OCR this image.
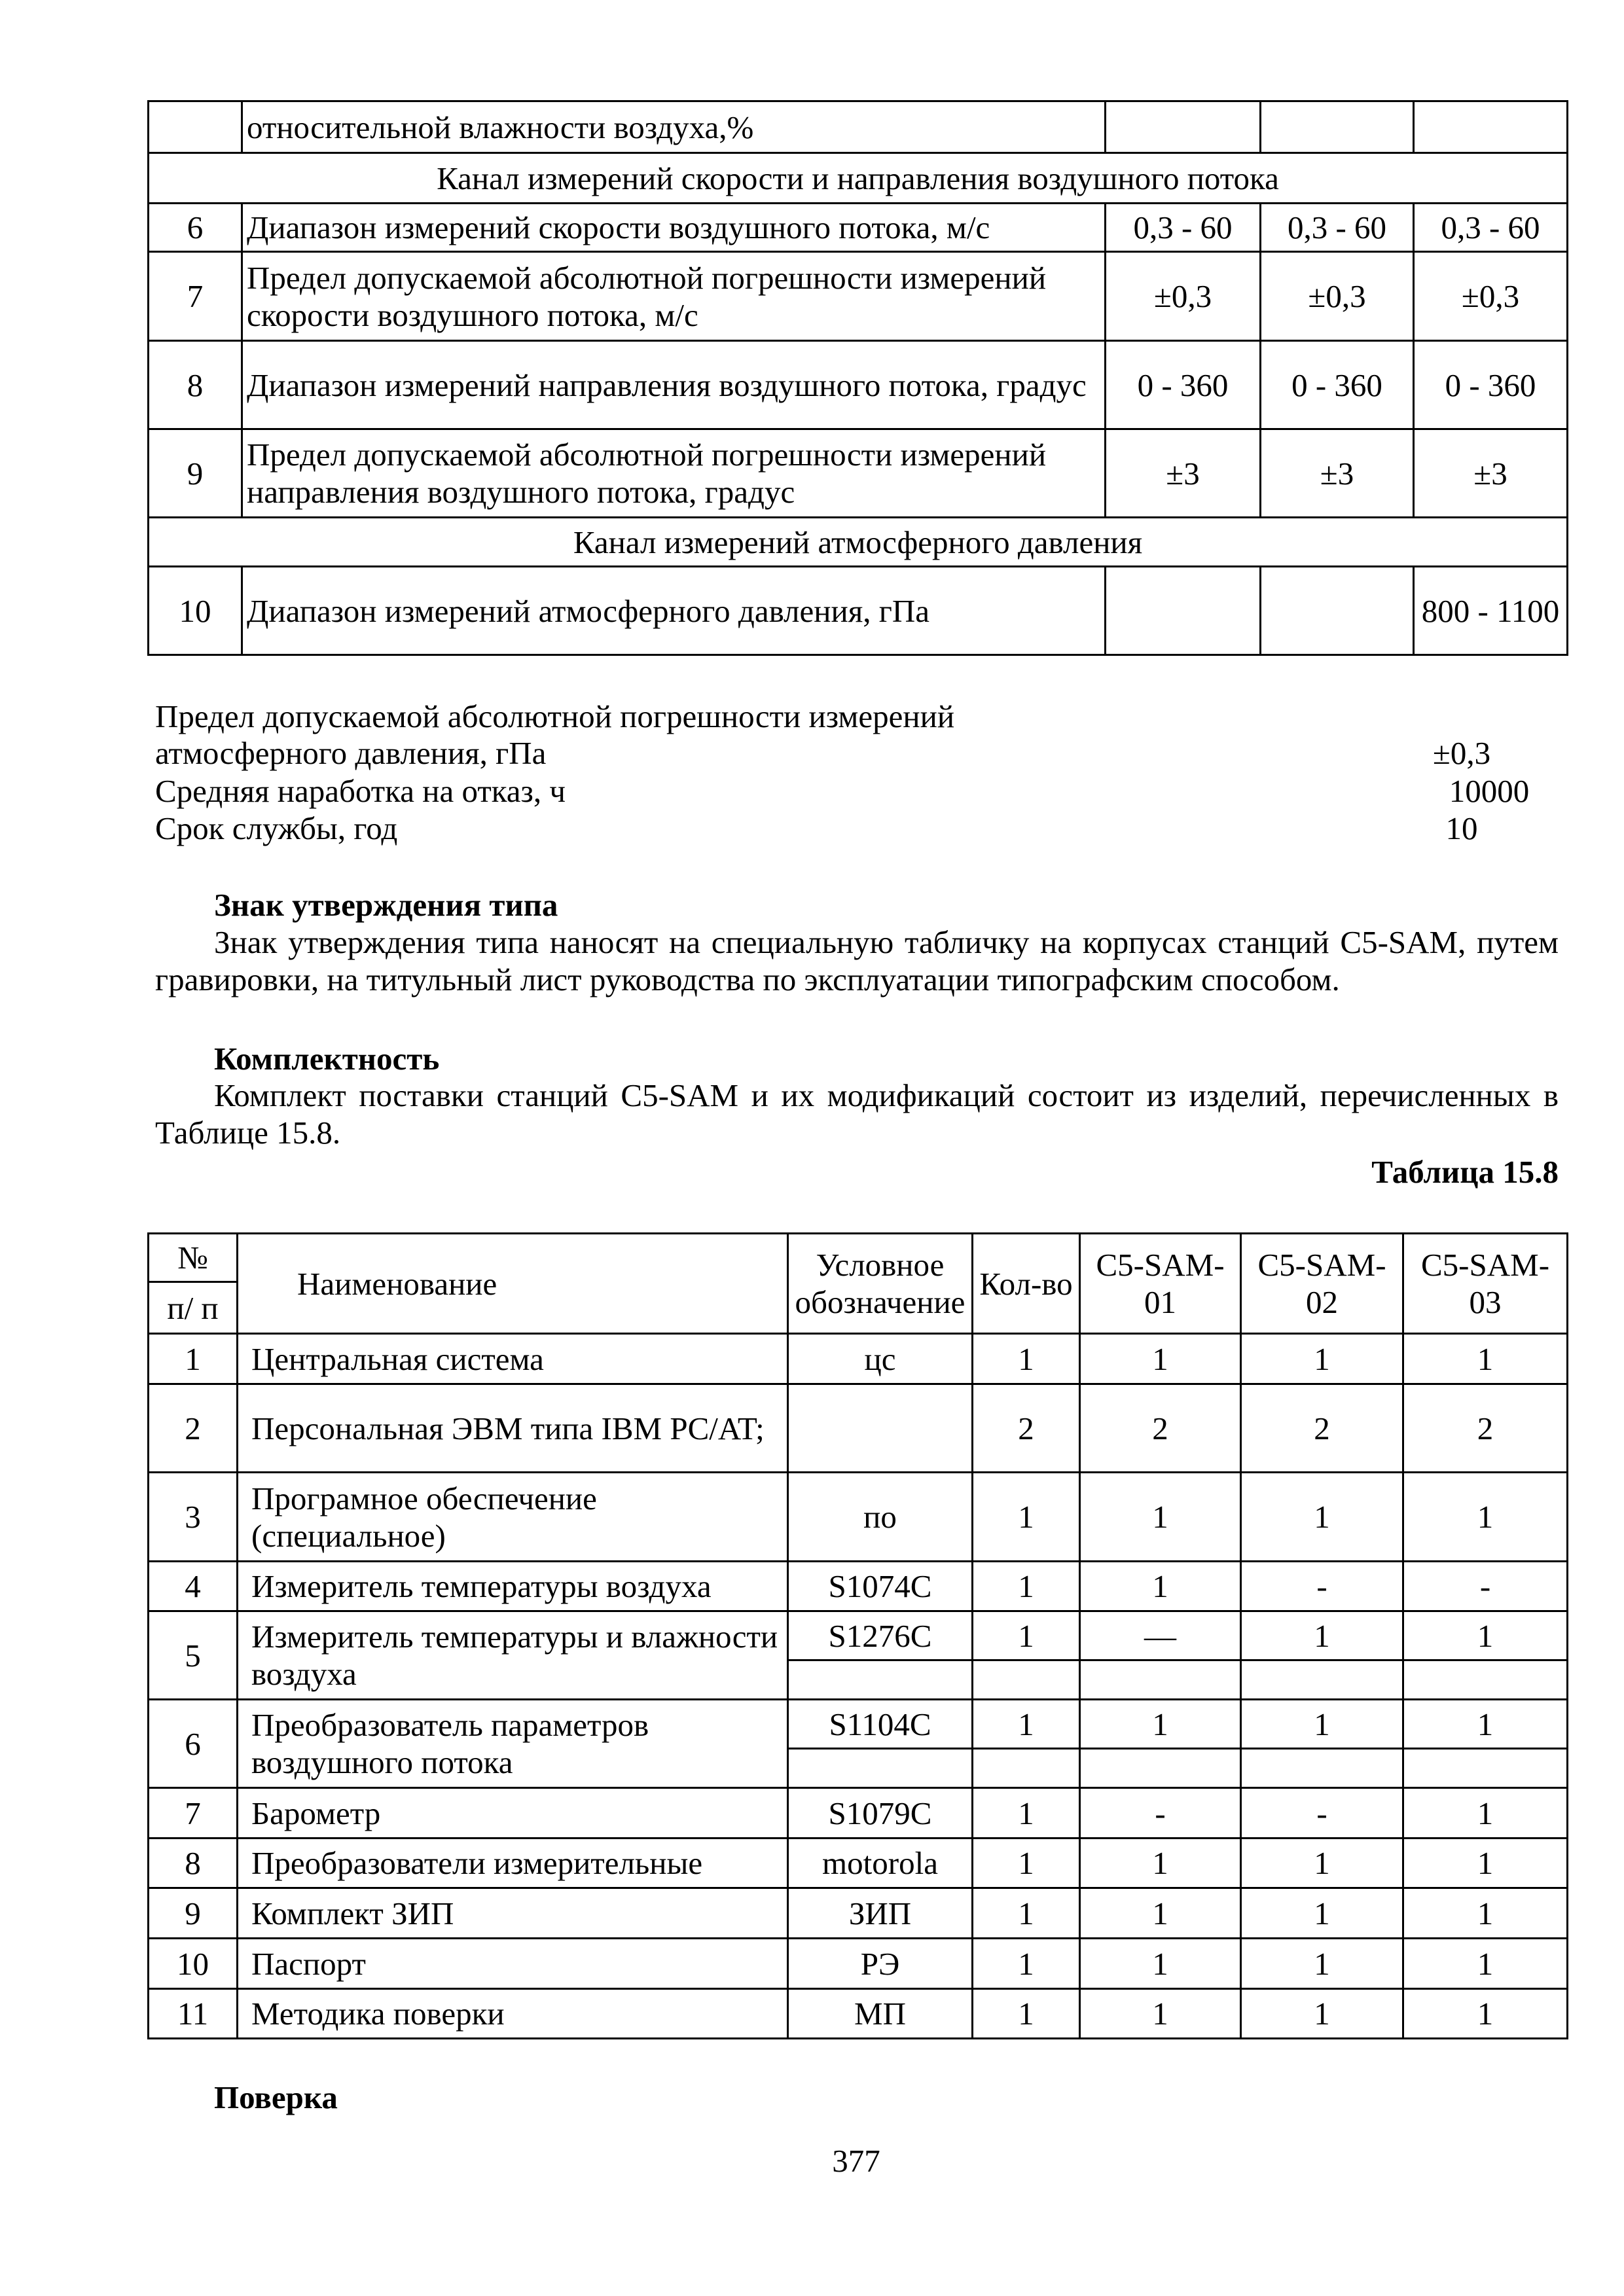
	относительной влажности воздуха,%			
Канал измерений скорости и направления воздушного потока				
6	Диапазон измерений скорости воздушного потока, м/с	0,3 - 60	0,3 - 60	0,3 - 60
7	Предел допускаемой абсолютной погрешности измерений скорости воздушного потока, м/с	±0,3	±0,3	±0,3
8	Диапазон измерений направления воздушного потока, градус	0 - 360	0 - 360	0 - 360
9	Предел допускаемой абсолютной погрешности измерений направления воздушного потока, градус	±3	±3	±3
Канал измерений атмосферного давления				
10	Диапазон измерений атмосферного давления, гПа			800 - 1100
Предел допускаемой абсолютной погрешности измерений
атмосферного давления, гПа	±0,3
Средняя наработка на отказ, ч	10000
Срок службы, год	10
Знак утверждения типа
Знак утверждения типа наносят на специальную табличку на корпусах станций С5-SAM, путем гравировки, на титульный лист руководства по эксплуатации типографским способом.
Комплектность
Комплект поставки станций С5-SAM и их модификаций состоит из изделий, перечисленных в Таблице 15.8.
Таблица 15.8
№	Наименование	Условное обозначение	Кол-во	C5-SAM-01	C5-SAM-02	C5-SAM-03
п/ п						
1	Центральная система	цс	1	1	1	1
2	Персональная ЭВМ типа IBM PC/AT;		2	2	2	2
3	Програмное обеспечение (специальное)	по	1	1	1	1
4	Измеритель температуры воздуха	S1074C	1	1	-	-
5	Измеритель температуры и влажности воздуха	S1276C	1	—	1	1

6	Преобразователь параметров воздушного потока	S1104C	1	1	1	1

7	Барометр	S1079C	1	-	-	1
8	Преобразователи измерительные	motorola	1	1	1	1
9	Комплект ЗИП	ЗИП	1	1	1	1
10	Паспорт	РЭ	1	1	1	1
11	Методика поверки	МП	1	1	1	1
Поверка
377
